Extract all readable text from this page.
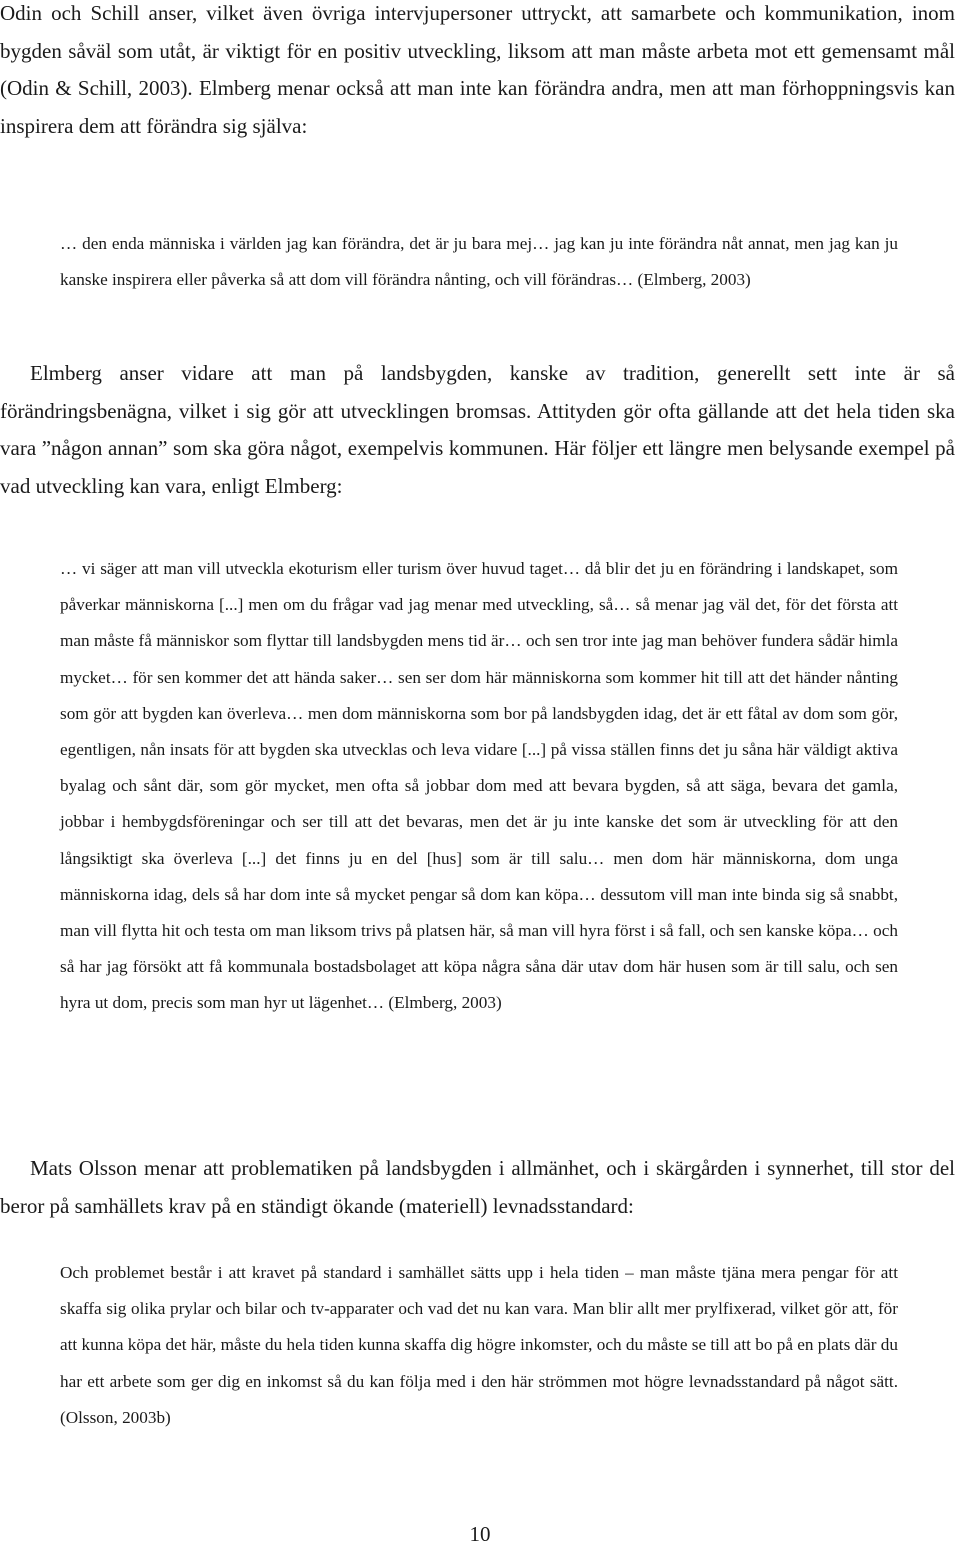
Odin och Schill anser, vilket även övriga intervjupersoner uttryckt, att samarbete och kommunikation, inom bygden såväl som utåt, är viktigt för en positiv utveckling, liksom att man måste arbeta mot ett gemensamt mål (Odin & Schill, 2003). Elmberg menar också att man inte kan förändra andra, men att man förhoppningsvis kan inspirera dem att förändra sig själva:

… den enda människa i världen jag kan förändra, det är ju bara mej… jag kan ju inte förändra nåt annat, men jag kan ju kanske inspirera eller påverka så att dom vill förändra nånting, och vill förändras… (Elmberg, 2003)

Elmberg anser vidare att man på landsbygden, kanske av tradition, generellt sett inte är så förändringsbenägna, vilket i sig gör att utvecklingen bromsas. Attityden gör ofta gällande att det hela tiden ska vara ”någon annan” som ska göra något, exempelvis kommunen. Här följer ett längre men belysande exempel på vad utveckling kan vara, enligt Elmberg:

… vi säger att man vill utveckla ekoturism eller turism över huvud taget… då blir det ju en förändring i landskapet, som påverkar människorna [...] men om du frågar vad jag menar med utveckling, så… så menar jag väl det, för det första att man måste få människor som flyttar till landsbygden mens tid är… och sen tror inte jag man behöver fundera sådär himla mycket… för sen kommer det att hända saker… sen ser dom här människorna som kommer hit till att det händer nånting som gör att bygden kan överleva… men dom människorna som bor på landsbygden idag, det är ett fåtal av dom som gör, egentligen, nån insats för att bygden ska utvecklas och leva vidare [...] på vissa ställen finns det ju såna här väldigt aktiva byalag och sånt där, som gör mycket, men ofta så jobbar dom med att bevara bygden, så att säga, bevara det gamla, jobbar i hembygdsföreningar och ser till att det bevaras, men det är ju inte kanske det som är utveckling för att den långsiktigt ska överleva [...] det finns ju en del [hus] som är till salu… men dom här människorna, dom unga människorna idag, dels så har dom inte så mycket pengar så dom kan köpa… dessutom vill man inte binda sig så snabbt, man vill flytta hit och testa om man liksom trivs på platsen här, så man vill hyra först i så fall, och sen kanske köpa… och så har jag försökt att få kommunala bostadsbolaget att köpa några såna där utav dom här husen som är till salu, och sen hyra ut dom, precis som man hyr ut lägenhet… (Elmberg, 2003)

Mats Olsson menar att problematiken på landsbygden i allmänhet, och i skärgården i synnerhet, till stor del beror på samhällets krav på en ständigt ökande (materiell) levnadsstandard:

Och problemet består i att kravet på standard i samhället sätts upp i hela tiden – man måste tjäna mera pengar för att skaffa sig olika prylar och bilar och tv-apparater och vad det nu kan vara. Man blir allt mer prylfixerad, vilket gör att, för att kunna köpa det här, måste du hela tiden kunna skaffa dig högre inkomster, och du måste se till att bo på en plats där du har ett arbete som ger dig en inkomst så du kan följa med i den här strömmen mot högre levnadsstandard på något sätt. (Olsson, 2003b)

10
